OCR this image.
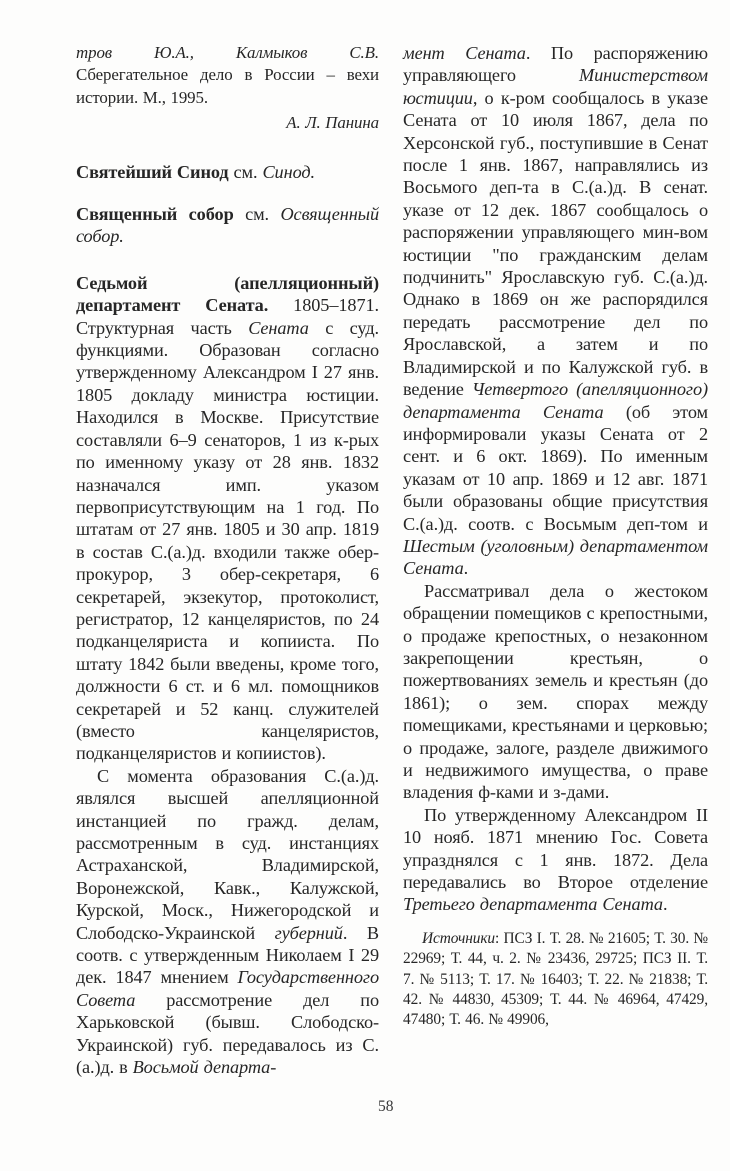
тров Ю.А., Калмыков С.В. Сберегательное дело в России – вехи истории. М., 1995.

А. Л. Панина

Святейший Синод см. Синод.

Священный собор см. Освященный собор.

Седьмой (апелляционный) департамент Сената. 1805–1871. Структурная часть Сената с суд. функциями. Образован согласно утвержденному Александром I 27 янв. 1805 докладу министра юстиции. Находился в Москве. Присутствие составляли 6–9 сенаторов, 1 из к-рых по именному указу от 28 янв. 1832 назначался имп. указом первоприсутствующим на 1 год. По штатам от 27 янв. 1805 и 30 апр. 1819 в состав С.(а.)д. входили также обер-прокурор, 3 обер-секретаря, 6 секретарей, экзекутор, протоколист, регистратор, 12 канцеляристов, по 24 подканцеляриста и копииста. По штату 1842 были введены, кроме того, должности 6 ст. и 6 мл. помощников секретарей и 52 канц. служителей (вместо канцеляристов, подканцеляристов и копиистов).

С момента образования С.(а.)д. являлся высшей апелляционной инстанцией по гражд. делам, рассмотренным в суд. инстанциях Астраханской, Владимирской, Воронежской, Кавк., Калужской, Курской, Моск., Нижегородской и Слободско-Украинской губерний. В соотв. с утвержденным Николаем I 29 дек. 1847 мнением Государственного Совета рассмотрение дел по Харьковской (бывш. Слободско-Украинской) губ. передавалось из С.(а.)д. в Восьмой департа-

мент Сената. По распоряжению управляющего Министерством юстиции, о к-ром сообщалось в указе Сената от 10 июля 1867, дела по Херсонской губ., поступившие в Сенат после 1 янв. 1867, направлялись из Восьмого деп-та в С.(а.)д. В сенат. указе от 12 дек. 1867 сообщалось о распоряжении управляющего мин-вом юстиции "по гражданским делам подчинить" Ярославскую губ. С.(а.)д. Однако в 1869 он же распорядился передать рассмотрение дел по Ярославской, а затем и по Владимирской и по Калужской губ. в ведение Четвертого (апелляционного) департамента Сената (об этом информировали указы Сената от 2 сент. и 6 окт. 1869). По именным указам от 10 апр. 1869 и 12 авг. 1871 были образованы общие присутствия С.(а.)д. соотв. с Восьмым деп-том и Шестым (уголовным) департаментом Сената.

Рассматривал дела о жестоком обращении помещиков с крепостными, о продаже крепостных, о незаконном закрепощении крестьян, о пожертвованиях земель и крестьян (до 1861); о зем. спорах между помещиками, крестьянами и церковью; о продаже, залоге, разделе движимого и недвижимого имущества, о праве владения ф-ками и з-дами.

По утвержденному Александром II 10 нояб. 1871 мнению Гос. Совета упразднялся с 1 янв. 1872. Дела передавались во Второе отделение Третьего департамента Сената.

Источники: ПСЗ I. Т. 28. № 21605; Т. 30. № 22969; Т. 44, ч. 2. № 23436, 29725; ПСЗ II. Т. 7. № 5113; Т. 17. № 16403; Т. 22. № 21838; Т. 42. № 44830, 45309; Т. 44. № 46964, 47429, 47480; Т. 46. № 49906,

58
